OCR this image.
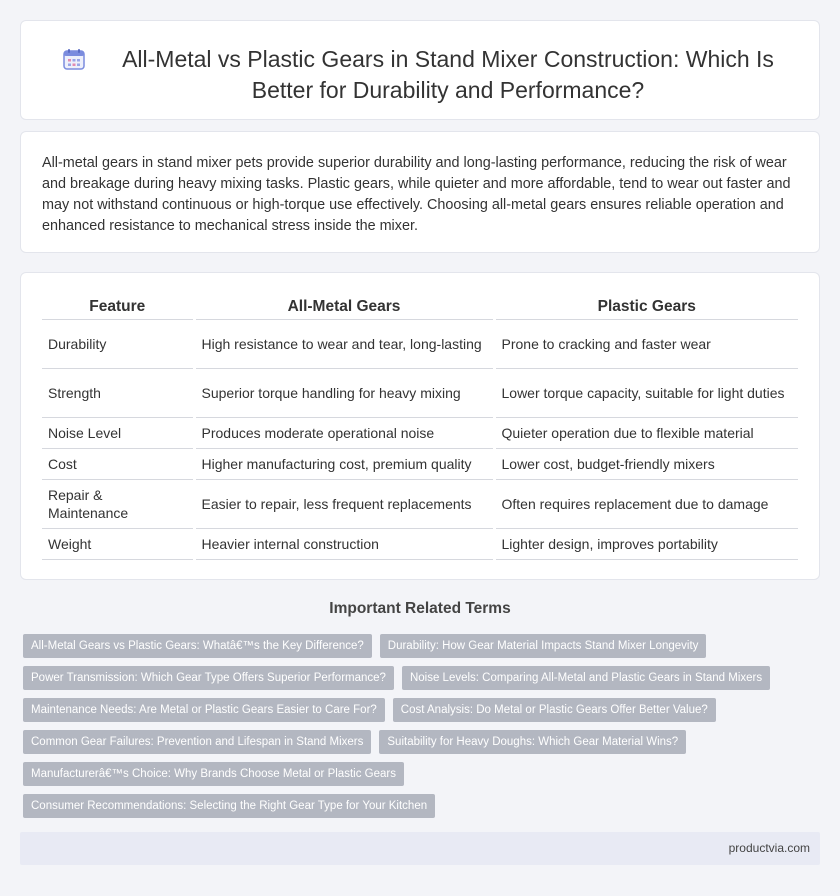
All-Metal vs Plastic Gears in Stand Mixer Construction: Which Is Better for Durability and Performance?

All-metal gears in stand mixer pets provide superior durability and long-lasting performance, reducing the risk of wear and breakage during heavy mixing tasks. Plastic gears, while quieter and more affordable, tend to wear out faster and may not withstand continuous or high-torque use effectively. Choosing all-metal gears ensures reliable operation and enhanced resistance to mechanical stress inside the mixer.

Feature	All-Metal Gears	Plastic Gears
Durability	High resistance to wear and tear, long-lasting	Prone to cracking and faster wear
Strength	Superior torque handling for heavy mixing	Lower torque capacity, suitable for light duties
Noise Level	Produces moderate operational noise	Quieter operation due to flexible material
Cost	Higher manufacturing cost, premium quality	Lower cost, budget-friendly mixers
Repair & Maintenance	Easier to repair, less frequent replacements	Often requires replacement due to damage
Weight	Heavier internal construction	Lighter design, improves portability
Important Related Terms
All-Metal Gears vs Plastic Gears: Whatâ€™s the Key Difference?	Durability: How Gear Material Impacts Stand Mixer Longevity
Power Transmission: Which Gear Type Offers Superior Performance?	Noise Levels: Comparing All-Metal and Plastic Gears in Stand Mixers
Maintenance Needs: Are Metal or Plastic Gears Easier to Care For?	Cost Analysis: Do Metal or Plastic Gears Offer Better Value?
Common Gear Failures: Prevention and Lifespan in Stand Mixers	Suitability for Heavy Doughs: Which Gear Material Wins?
Manufacturerâ€™s Choice: Why Brands Choose Metal or Plastic Gears
Consumer Recommendations: Selecting the Right Gear Type for Your Kitchen
productvia.com
